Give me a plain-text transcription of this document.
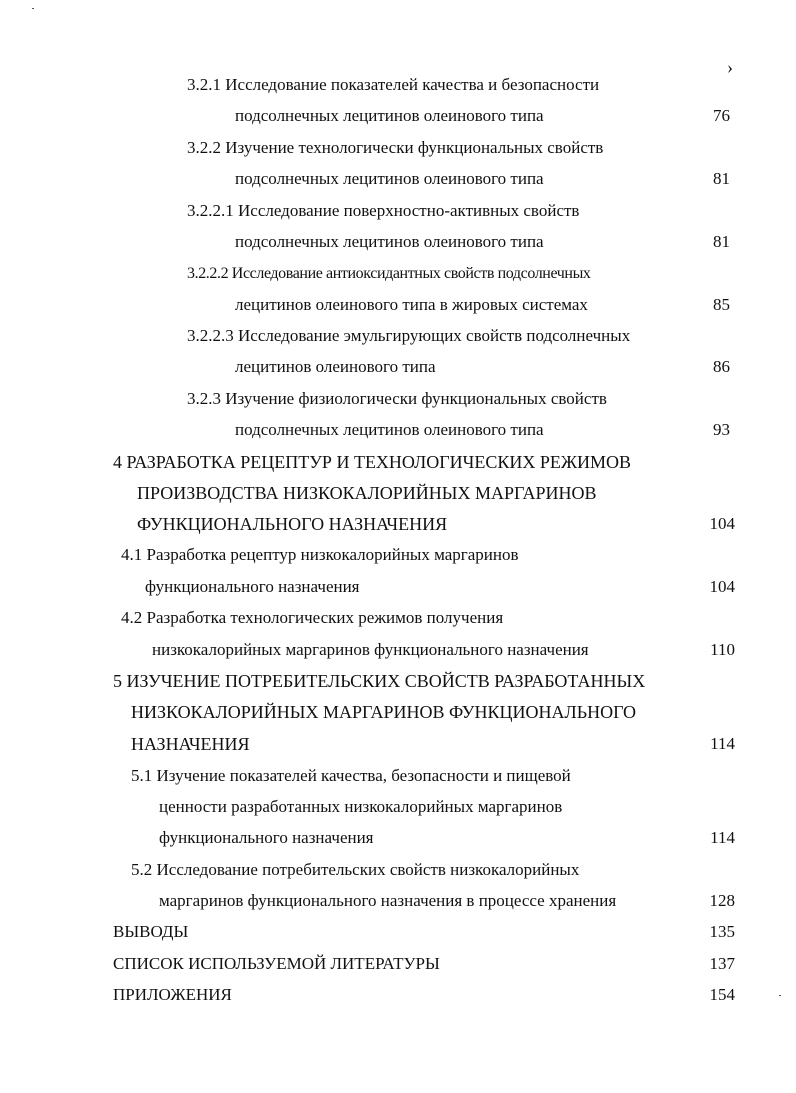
›
3.2.1 Исследование показателей качества и безопасности
подсолнечных лецитинов олеинового типа	76
3.2.2 Изучение технологически функциональных свойств
подсолнечных лецитинов олеинового типа	81
3.2.2.1 Исследование поверхностно-активных свойств
подсолнечных лецитинов олеинового типа	81
3.2.2.2 Исследование антиоксидантных свойств подсолнечных
лецитинов олеинового типа в жировых системах	85
3.2.2.3 Исследование эмульгирующих свойств подсолнечных
лецитинов олеинового типа	86
3.2.3 Изучение физиологически функциональных свойств
подсолнечных лецитинов олеинового типа	93
4 РАЗРАБОТКА РЕЦЕПТУР И ТЕХНОЛОГИЧЕСКИХ РЕЖИМОВ
ПРОИЗВОДСТВА НИЗКОКАЛОРИЙНЫХ МАРГАРИНОВ
ФУНКЦИОНАЛЬНОГО НАЗНАЧЕНИЯ	104
4.1 Разработка рецептур низкокалорийных маргаринов
функционального назначения	104
4.2 Разработка технологических режимов получения
низкокалорийных маргаринов функционального назначения	110
5 ИЗУЧЕНИЕ ПОТРЕБИТЕЛЬСКИХ СВОЙСТВ РАЗРАБОТАННЫХ
НИЗКОКАЛОРИЙНЫХ МАРГАРИНОВ ФУНКЦИОНАЛЬНОГО
НАЗНАЧЕНИЯ	114
5.1 Изучение показателей качества, безопасности и пищевой
ценности разработанных низкокалорийных маргаринов
функционального назначения	114
5.2 Исследование потребительских свойств низкокалорийных
маргаринов функционального назначения в процессе хранения	128
ВЫВОДЫ	135
СПИСОК ИСПОЛЬЗУЕМОЙ ЛИТЕРАТУРЫ	137
ПРИЛОЖЕНИЯ	154
